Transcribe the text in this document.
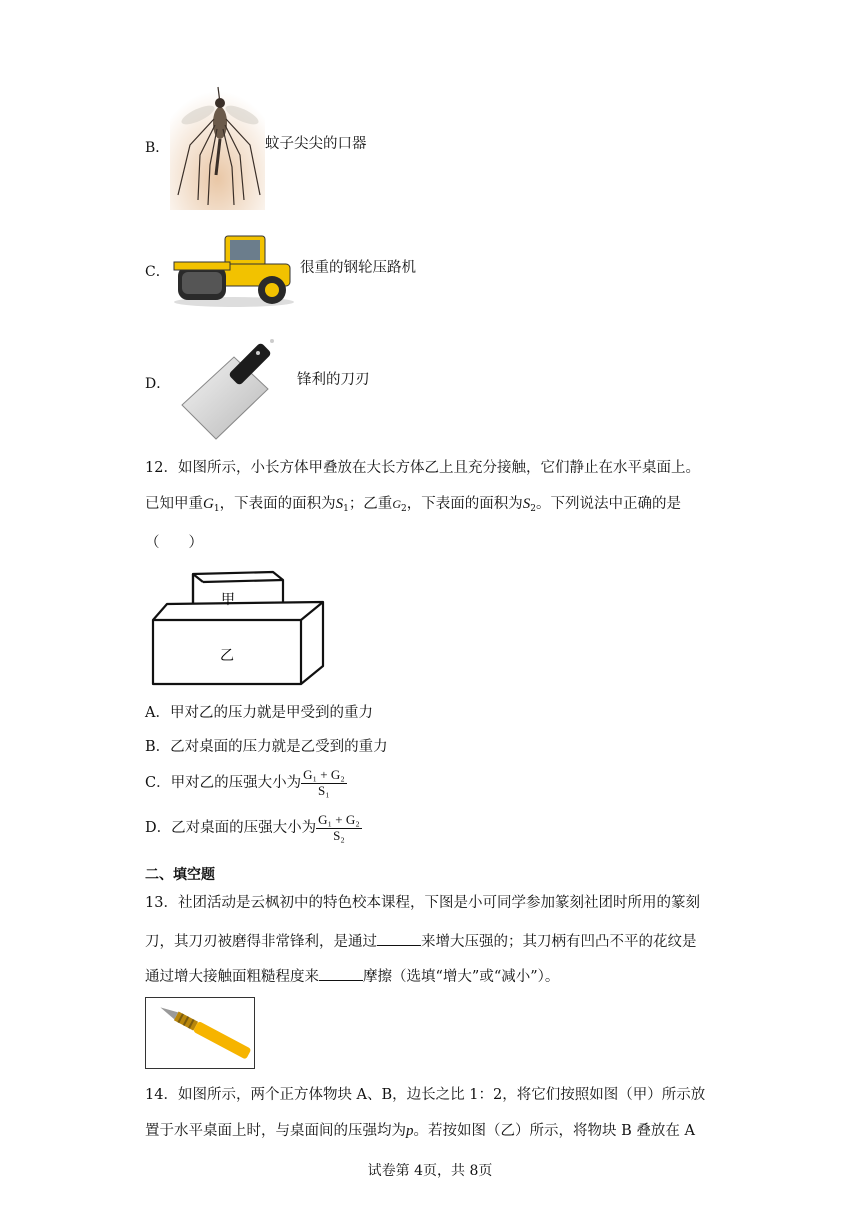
B．	蚊子尖尖的口器
C．	很重的钢轮压路机
D．	锋利的刀刃
12．如图所示，小长方体甲叠放在大长方体乙上且充分接触，它们静止在水平桌面上。
已知甲重$G_1$，下表面的面积为$S_1$；乙重$G_2$，下表面的面积为$S_2$。下列说法中正确的是
（　　）
甲
乙
A．甲对乙的压力就是甲受到的重力
B．乙对桌面的压力就是乙受到的重力
C．甲对乙的压强大小为 $\frac{\text{G₁ + G₂}}{\text{S₁}}$
D．乙对桌面的压强大小为 $\frac{\text{G₁ + G₂}}{\text{S₂}}$
二、填空题
13．社团活动是云枫初中的特色校本课程，下图是小可同学参加篆刻社团时所用的篆刻
刀，其刀刃被磨得非常锋利，是通过	来增大压强的；其刀柄有凹凸不平的花纹是
通过增大接触面粗糙程度来	摩擦（选填“增大”或“减小”）。
14．如图所示，两个正方体物块 A、B，边长之比 1：2，将它们按照如图（甲）所示放
置于水平桌面上时，与桌面间的压强均为p。若按如图（乙）所示，将物块 B 叠放在 A
试卷第 4页，共 8页
